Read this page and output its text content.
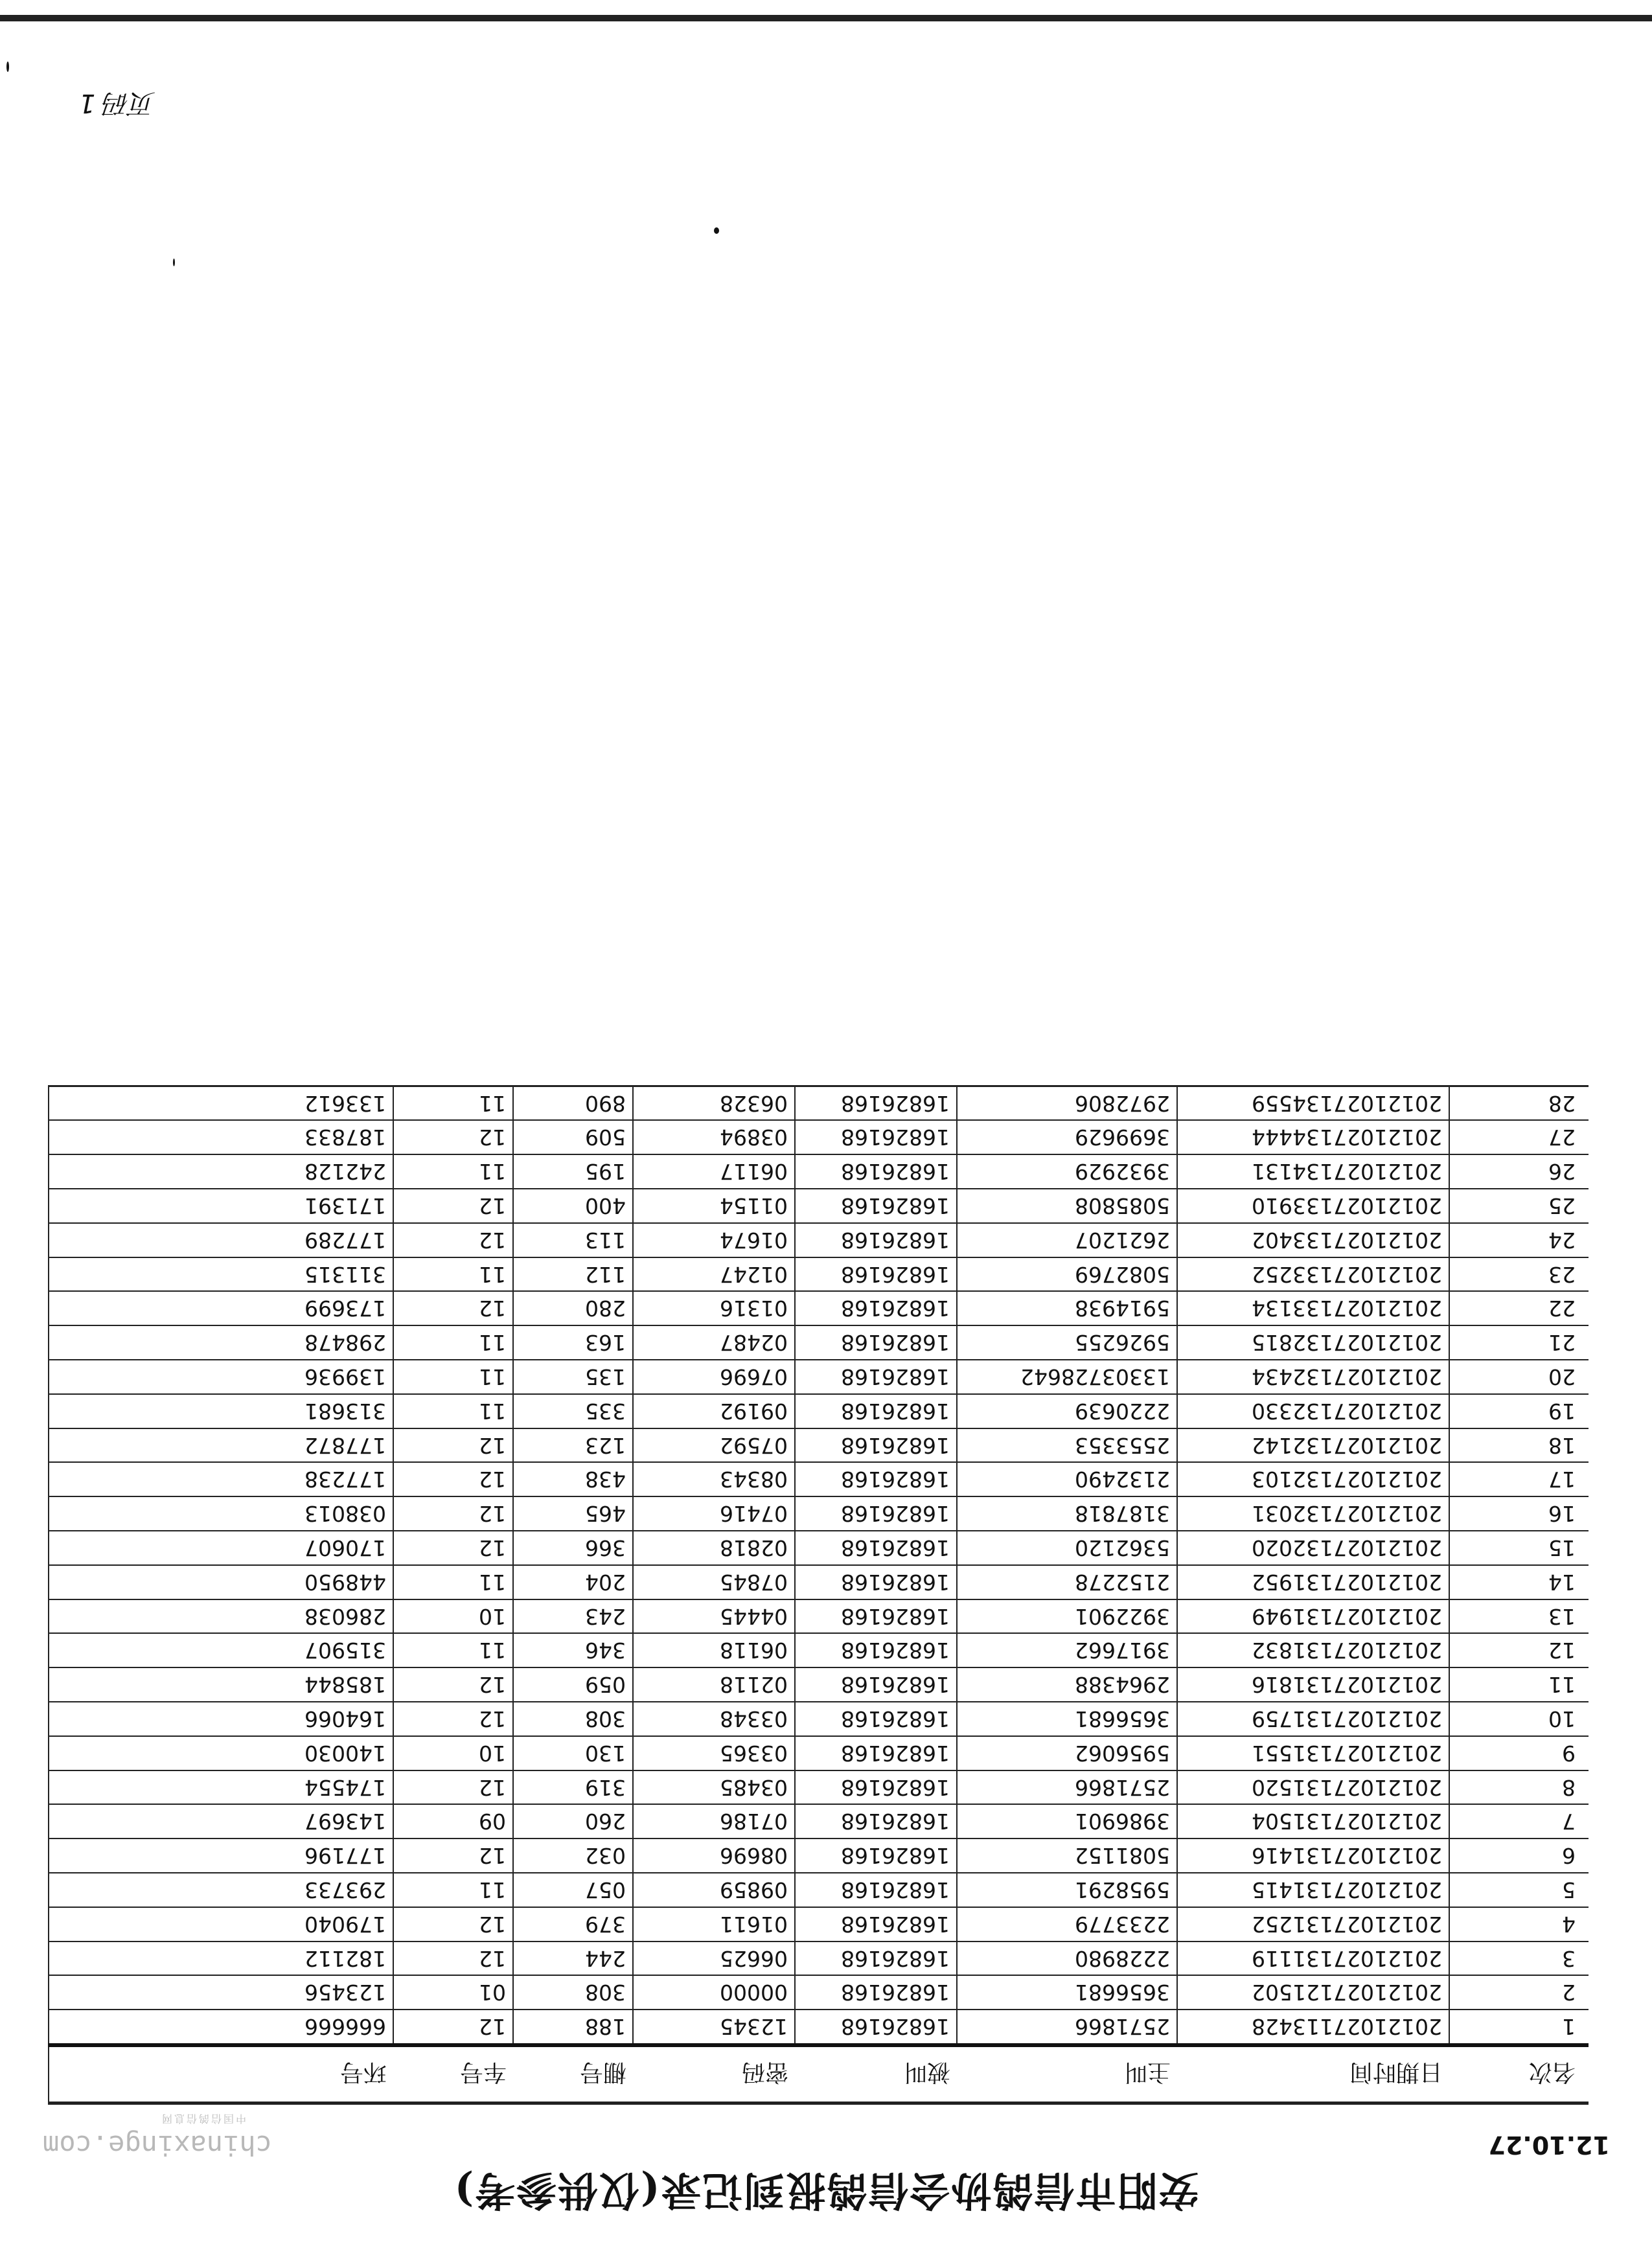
页码 1
安阳市信鸽协会信鸽报到记录(仅供参考)
12.10.27
chinaxinge.com
中国信鸽信息网
名次	日期时间	主叫	被叫	密码	棚号	车号	环号
1	20121027113428	2571866	16826168	12345	188	12	666666
2	20121027121502	3656681	16826168	00000	308	01	123456
3	20121027131119	2228980	16826168	06625	244	12	182112
4	20121027131252	2233779	16826168	01611	379	12	179040
5	20121027131415	5958291	16826168	09859	057	11	293733
6	20121027131416	5081152	16826168	08696	032	12	177196
7	20121027131504	3986901	16826168	07186	260	09	143697
8	20121027131520	2571866	16826168	03485	319	12	174554
9	20121027131551	5956062	16826168	03365	130	10	140030
10	20121027131759	3656681	16826168	03348	308	12	164066
11	20121027131816	2964388	16826168	02118	059	12	185844
12	20121027131832	3917662	16826168	06118	346	11	315907
13	20121027131949	3922901	16826168	04445	243	10	286038
14	20121027131952	2152278	16826168	07845	204	11	448950
15	20121027132020	5362120	16826168	02818	366	12	170607
16	20121027132031	3187818	16826168	07416	465	12	038013
17	20121027132103	2132490	16826168	08343	438	12	177238
18	20121027132142	2553353	16826168	07592	123	12	177872
19	20121027132330	2220639	16826168	09192	335	11	313681
20	20121027132434	13303728642	16826168	07696	135	11	139936
21	20121027132815	5926255	16826168	02487	163	11	298478
22	20121027133134	5914938	16826168	01316	280	12	173699
23	20121027133252	5082769	16826168	01247	112	11	311315
24	20121027133402	2621207	16826168	01674	113	12	177289
25	20121027133910	5085808	16826168	01154	400	12	171391
26	20121027134131	3932929	16826168	06117	195	11	242128
27	20121027134444	3699629	16826168	03894	509	12	187833
28	20121027134559	2972806	16826168	06328	890	11	133612
